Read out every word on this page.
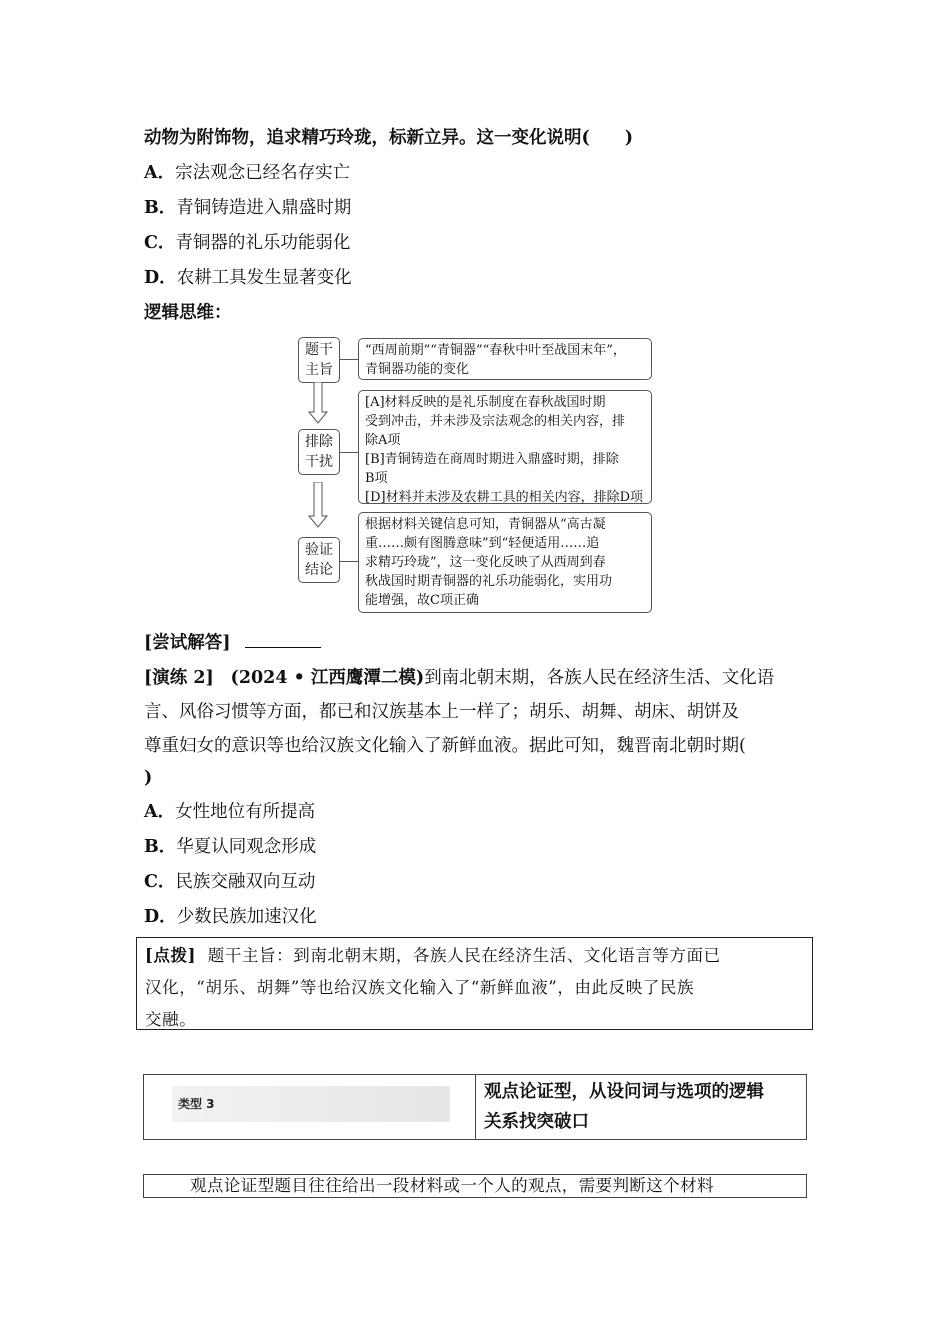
动物为附饰物，追求精巧玲珑，标新立异。这一变化说明(　　)
A．宗法观念已经名存实亡
B．青铜铸造进入鼎盛时期
C．青铜器的礼乐功能弱化
D．农耕工具发生显著变化
逻辑思维：
题干
主旨
排除
干扰
验证
结论
“西周前期”“青铜器”“春秋中叶至战国末年”，
青铜器功能的变化
[A]材料反映的是礼乐制度在春秋战国时期
受到冲击，并未涉及宗法观念的相关内容，排
除A项
[B]青铜铸造在商周时期进入鼎盛时期，排除
B项
[D]材料并未涉及农耕工具的相关内容，排除D项
根据材料关键信息可知，青铜器从“高古凝
重……颇有图腾意味”到“轻便适用……追
求精巧玲珑”，这一变化反映了从西周到春
秋战国时期青铜器的礼乐功能弱化，实用功
能增强，故C项正确
[尝试解答]
[演练 2] (2024 • 江西鹰潭二模)到南北朝末期，各族人民在经济生活、文化语
言、风俗习惯等方面，都已和汉族基本上一样了；胡乐、胡舞、胡床、胡饼及
尊重妇女的意识等也给汉族文化输入了新鲜血液。据此可知，魏晋南北朝时期(
)
A．女性地位有所提高
B．华夏认同观念形成
C．民族交融双向互动
D．少数民族加速汉化
[点拨] 题干主旨：到南北朝末期，各族人民在经济生活、文化语言等方面已
汉化，“胡乐、胡舞”等也给汉族文化输入了“新鲜血液”，由此反映了民族
交融。
类型 3
观点论证型，从设问词与选项的逻辑
关系找突破口
观点论证型题目往往给出一段材料或一个人的观点，需要判断这个材料
